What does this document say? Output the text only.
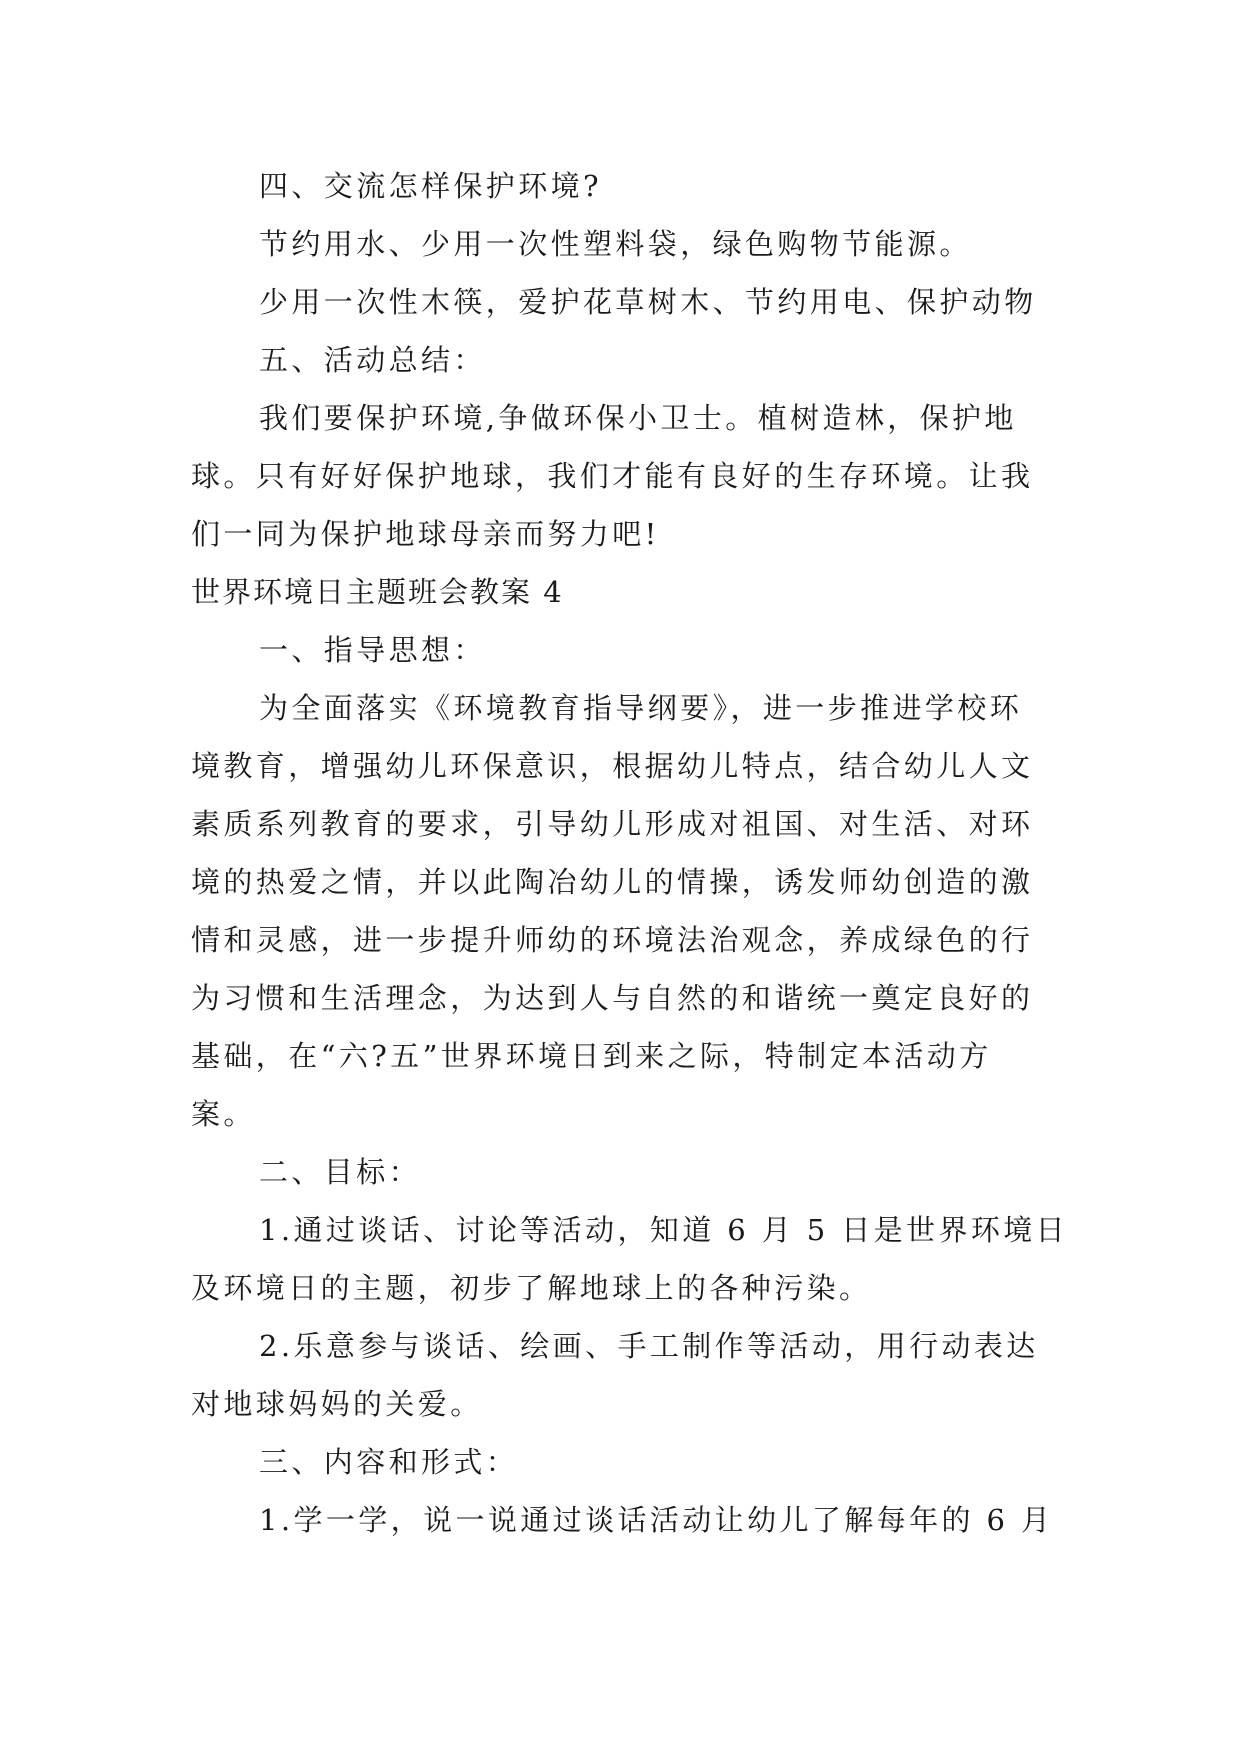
四、交流怎样保护环境?

节约用水、少用一次性塑料袋，绿色购物节能源。

少用一次性木筷，爱护花草树木、节约用电、保护动物

五、活动总结：

我们要保护环境,争做环保小卫士。植树造林，保护地

球。只有好好保护地球，我们才能有良好的生存环境。让我

们一同为保护地球母亲而努力吧!

世界环境日主题班会教案 4

一、指导思想：

为全面落实《环境教育指导纲要》，进一步推进学校环

境教育，增强幼儿环保意识，根据幼儿特点，结合幼儿人文

素质系列教育的要求，引导幼儿形成对祖国、对生活、对环

境的热爱之情，并以此陶冶幼儿的情操，诱发师幼创造的激

情和灵感，进一步提升师幼的环境法治观念，养成绿色的行

为习惯和生活理念，为达到人与自然的和谐统一奠定良好的

基础，在“六?五”世界环境日到来之际，特制定本活动方

案。

二、目标：

1.通过谈话、讨论等活动，知道 6 月 5 日是世界环境日

及环境日的主题，初步了解地球上的各种污染。

2.乐意参与谈话、绘画、手工制作等活动，用行动表达

对地球妈妈的关爱。

三、内容和形式：

1.学一学，说一说通过谈话活动让幼儿了解每年的 6 月
